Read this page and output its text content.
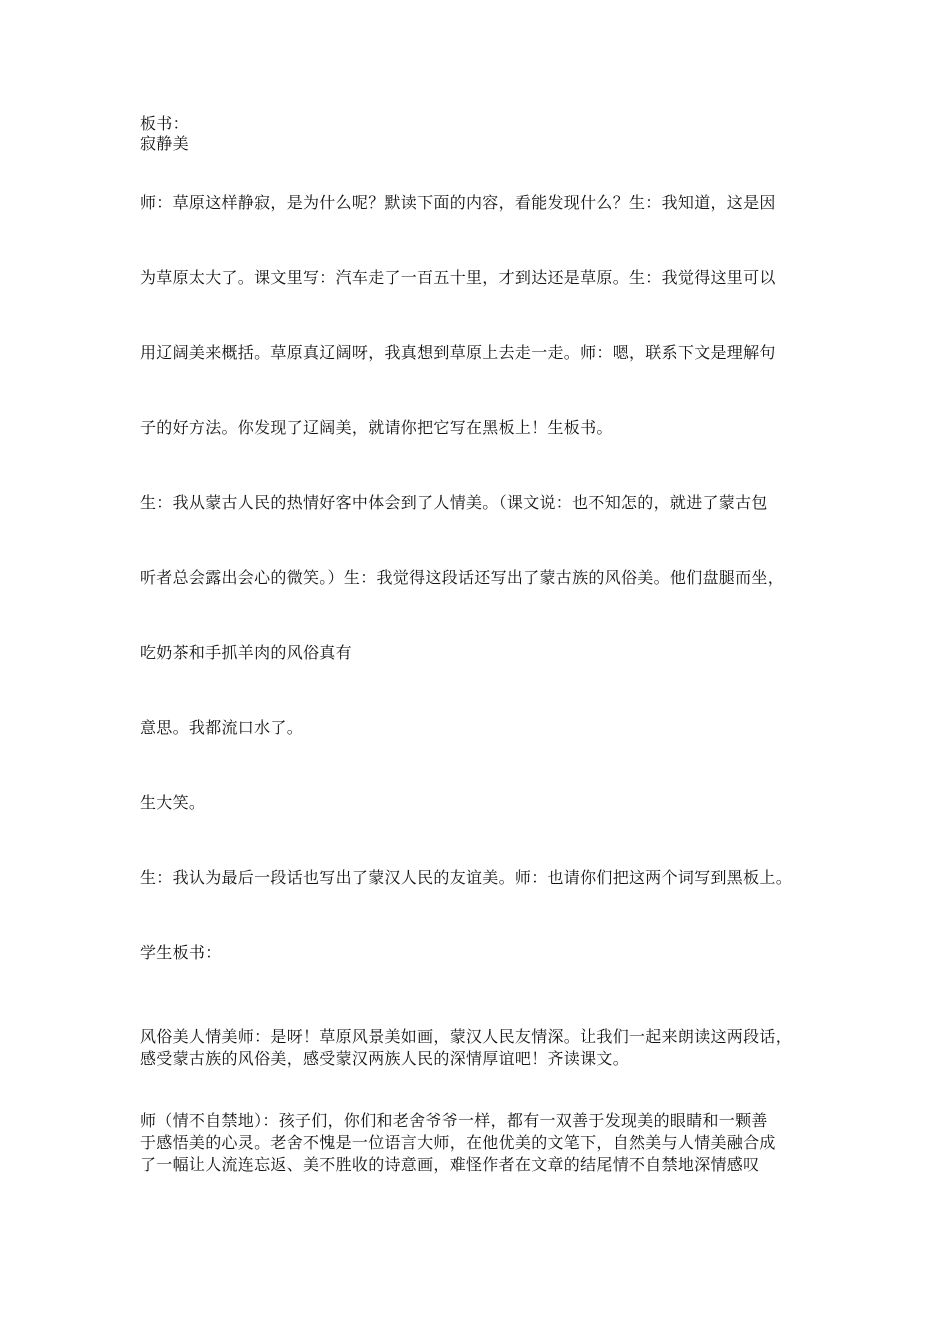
板书：
寂静美
师：草原这样静寂，是为什么呢？默读下面的内容，看能发现什么？生：我知道，这是因
为草原太大了。课文里写：汽车走了一百五十里，才到达还是草原。生：我觉得这里可以
用辽阔美来概括。草原真辽阔呀，我真想到草原上去走一走。师：嗯，联系下文是理解句
子的好方法。你发现了辽阔美，就请你把它写在黑板上！生板书。
生：我从蒙古人民的热情好客中体会到了人情美。（课文说：也不知怎的，就进了蒙古包
听者总会露出会心的微笑。）生：我觉得这段话还写出了蒙古族的风俗美。他们盘腿而坐，
吃奶茶和手抓羊肉的风俗真有
意思。我都流口水了。
生大笑。
生：我认为最后一段话也写出了蒙汉人民的友谊美。师：也请你们把这两个词写到黑板上。
学生板书：
风俗美人情美师：是呀！草原风景美如画，蒙汉人民友情深。让我们一起来朗读这两段话，
感受蒙古族的风俗美，感受蒙汉两族人民的深情厚谊吧！齐读课文。
师（情不自禁地）：孩子们，你们和老舍爷爷一样，都有一双善于发现美的眼睛和一颗善
于感悟美的心灵。老舍不愧是一位语言大师，在他优美的文笔下，自然美与人情美融合成
了一幅让人流连忘返、美不胜收的诗意画，难怪作者在文章的结尾情不自禁地深情感叹
